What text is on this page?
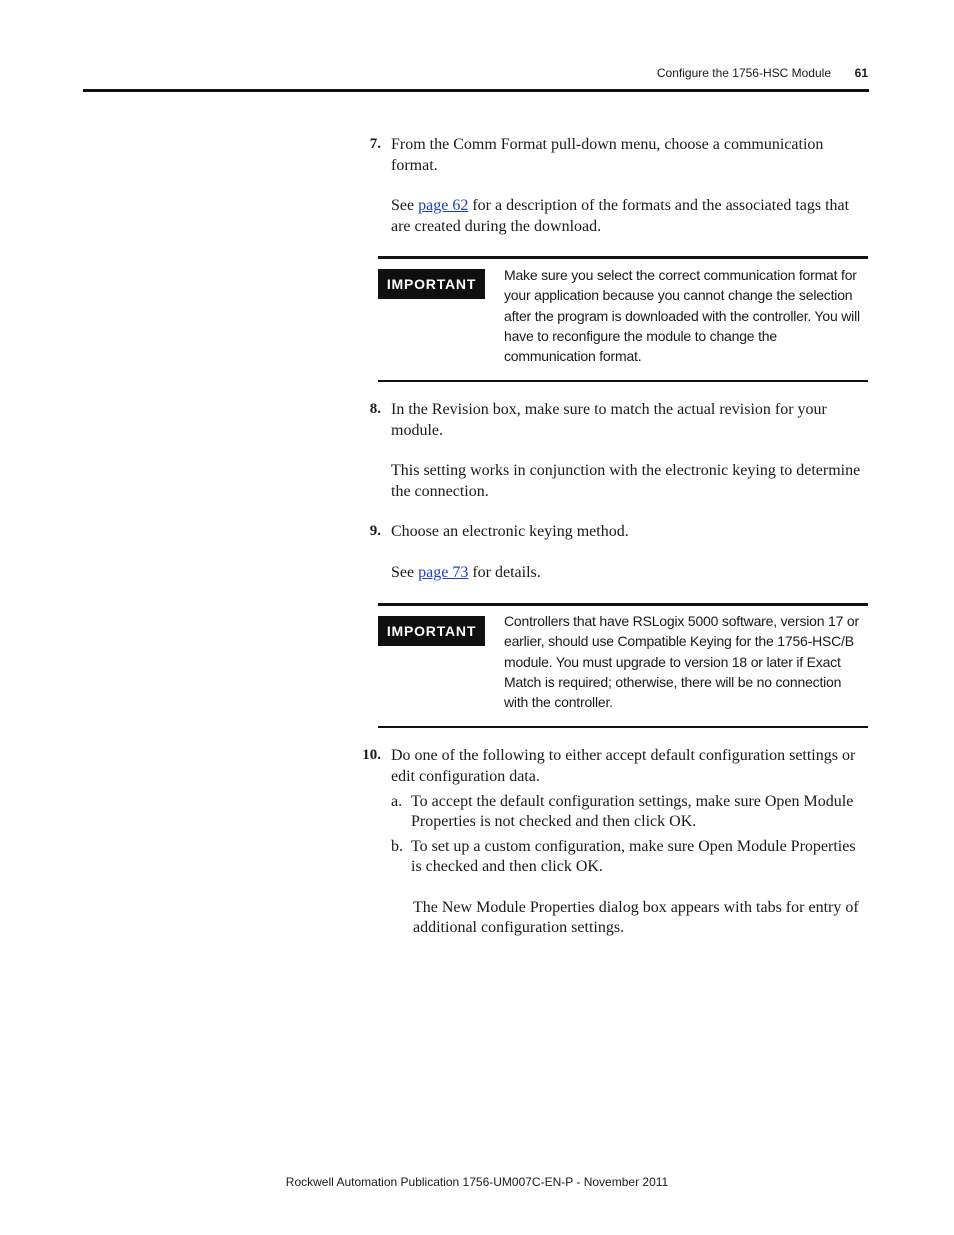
Configure the 1756-HSC Module 61
7. From the Comm Format pull-down menu, choose a communication format.
See page 62 for a description of the formats and the associated tags that are created during the download.
IMPORTANT
Make sure you select the correct communication format for your application because you cannot change the selection after the program is downloaded with the controller. You will have to reconfigure the module to change the communication format.
8. In the Revision box, make sure to match the actual revision for your module.
This setting works in conjunction with the electronic keying to determine the connection.
9. Choose an electronic keying method.
See page 73 for details.
IMPORTANT
Controllers that have RSLogix 5000 software, version 17 or earlier, should use Compatible Keying for the 1756-HSC/B module. You must upgrade to version 18 or later if Exact Match is required; otherwise, there will be no connection with the controller.
10. Do one of the following to either accept default configuration settings or edit configuration data.
a. To accept the default configuration settings, make sure Open Module Properties is not checked and then click OK.
b. To set up a custom configuration, make sure Open Module Properties is checked and then click OK.
The New Module Properties dialog box appears with tabs for entry of additional configuration settings.
Rockwell Automation Publication 1756-UM007C-EN-P - November 2011
